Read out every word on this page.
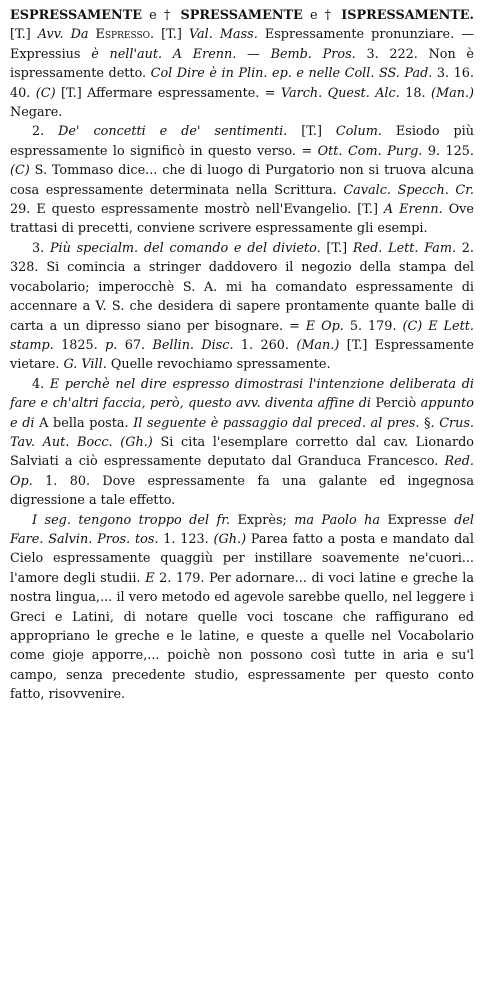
ESPRESSAMENTE e † SPRESSAMENTE e † ISPRESSAMENTE. [T.] Avv. Da Espresso. [T.] Val. Mass. Espressamente pronunziare. — Expressius è nell'aut. A Erenn. — Bemb. Pros. 3. 222. Non è ispressamente detto. Col Dire è in Plin. ep. e nelle Coll. SS. Pad. 3. 16. 40. (C) [T.] Affermare espressamente. = Varch. Quest. Alc. 18. (Man.) Negare.

2. De' concetti e de' sentimenti. [T.] Colum. Esiodo più espressamente lo significò in questo verso. = Ott. Com. Purg. 9. 125. (C) S. Tommaso dice... che di luogo di Purgatorio non si truova alcuna cosa espressamente determinata nella Scrittura. Cavalc. Specch. Cr. 29. E questo espressamente mostrò nell'Evangelio. [T.] A Erenn. Ove trattasi di precetti, conviene scrivere espressamente gli esempi.

3. Più specialm. del comando e del divieto. [T.] Red. Lett. Fam. 2. 328. Si comincia a stringer daddovero il negozio della stampa del vocabolario; imperocchè S. A. mi ha comandato espressamente di accennare a V. S. che desidera di sapere prontamente quante balle di carta a un dipresso siano per bisognare. = E Op. 5. 179. (C) E Lett. stamp. 1825. p. 67. Bellin. Disc. 1. 260. (Man.) [T.] Espressamente vietare. G. Vill. Quelle revochiamo spressamente.

4. E perchè nel dire espresso dimostrasi l'intenzione deliberata di fare e ch'altri faccia, però, questo avv. diventa affine di Perciò appunto e di A bella posta. Il seguente è passaggio dal preced. al pres. §. Crus. Tav. Aut. Bocc. (Gh.) Si cita l'esemplare corretto dal cav. Lionardo Salviati a ciò espressamente deputato dal Granduca Francesco. Red. Op. 1. 80. Dove espressamente fa una galante ed ingegnosa digressione a tale effetto.

I seg. tengono troppo del fr. Exprès; ma Paolo ha Expresse del Fare. Salvin. Pros. tos. 1. 123. (Gh.) Parea fatto a posta e mandato dal Cielo espressamente quaggiù per instillare soavemente ne'cuori... l'amore degli studii. E 2. 179. Per adornare... di voci latine e greche la nostra lingua,... il vero metodo ed agevole sarebbe quello, nel leggere i Greci e Latini, di notare quelle voci toscane che raffigurano ed appropriano le greche e le latine, e queste a quelle nel Vocabolario come gioje apporre,... poichè non possono così tutte in aria e su'l campo, senza precedente studio, espressamente per questo conto fatto, risovvenire.
